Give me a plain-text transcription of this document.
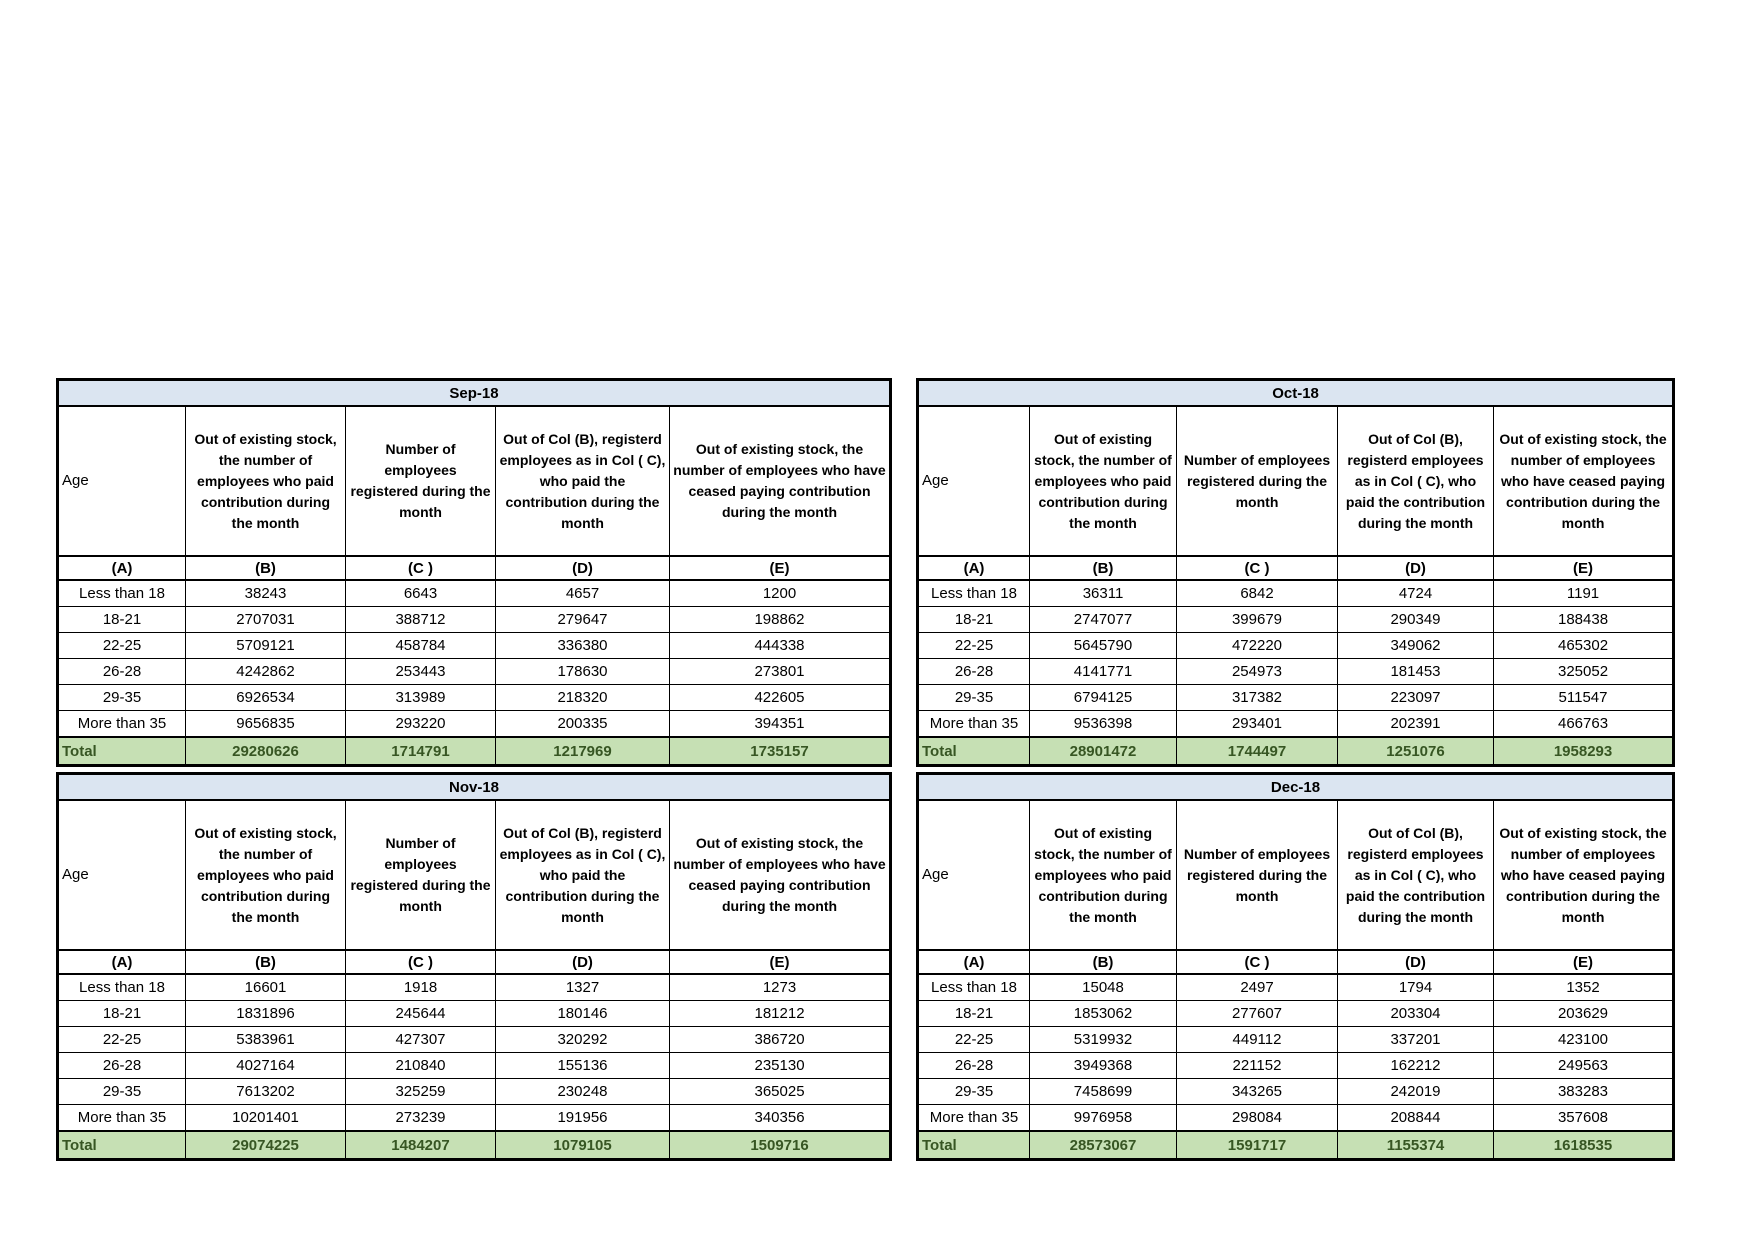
Sep-18				
Age	Out of existing stock, the number of employees who paid contribution during the month	Number of employees registered during the month	Out of Col (B), registerd employees as in Col ( C), who paid the contribution during the month	Out of existing stock, the number of employees who have ceased paying contribution during the month
(A)	(B)	(C )	(D)	(E)
Less than 18	38243	6643	4657	1200
18-21	2707031	388712	279647	198862
22-25	5709121	458784	336380	444338
26-28	4242862	253443	178630	273801
29-35	6926534	313989	218320	422605
More than 35	9656835	293220	200335	394351
Total	29280626	1714791	1217969	1735157
Oct-18				
Age	Out of existing stock, the number of employees who paid contribution during the month	Number of employees registered during the month	Out of Col (B), registerd employees as in Col ( C), who paid the contribution during the month	Out of existing stock, the number of employees who have ceased paying contribution during the month
(A)	(B)	(C )	(D)	(E)
Less than 18	36311	6842	4724	1191
18-21	2747077	399679	290349	188438
22-25	5645790	472220	349062	465302
26-28	4141771	254973	181453	325052
29-35	6794125	317382	223097	511547
More than 35	9536398	293401	202391	466763
Total	28901472	1744497	1251076	1958293
Nov-18				
Age	Out of existing stock, the number of employees who paid contribution during the month	Number of employees registered during the month	Out of Col (B), registerd employees as in Col ( C), who paid the contribution during the month	Out of existing stock, the number of employees who have ceased paying contribution during the month
(A)	(B)	(C )	(D)	(E)
Less than 18	16601	1918	1327	1273
18-21	1831896	245644	180146	181212
22-25	5383961	427307	320292	386720
26-28	4027164	210840	155136	235130
29-35	7613202	325259	230248	365025
More than 35	10201401	273239	191956	340356
Total	29074225	1484207	1079105	1509716
Dec-18				
Age	Out of existing stock, the number of employees who paid contribution during the month	Number of employees registered during the month	Out of Col (B), registerd employees as in Col ( C), who paid the contribution during the month	Out of existing stock, the number of employees who have ceased paying contribution during the month
(A)	(B)	(C )	(D)	(E)
Less than 18	15048	2497	1794	1352
18-21	1853062	277607	203304	203629
22-25	5319932	449112	337201	423100
26-28	3949368	221152	162212	249563
29-35	7458699	343265	242019	383283
More than 35	9976958	298084	208844	357608
Total	28573067	1591717	1155374	1618535
